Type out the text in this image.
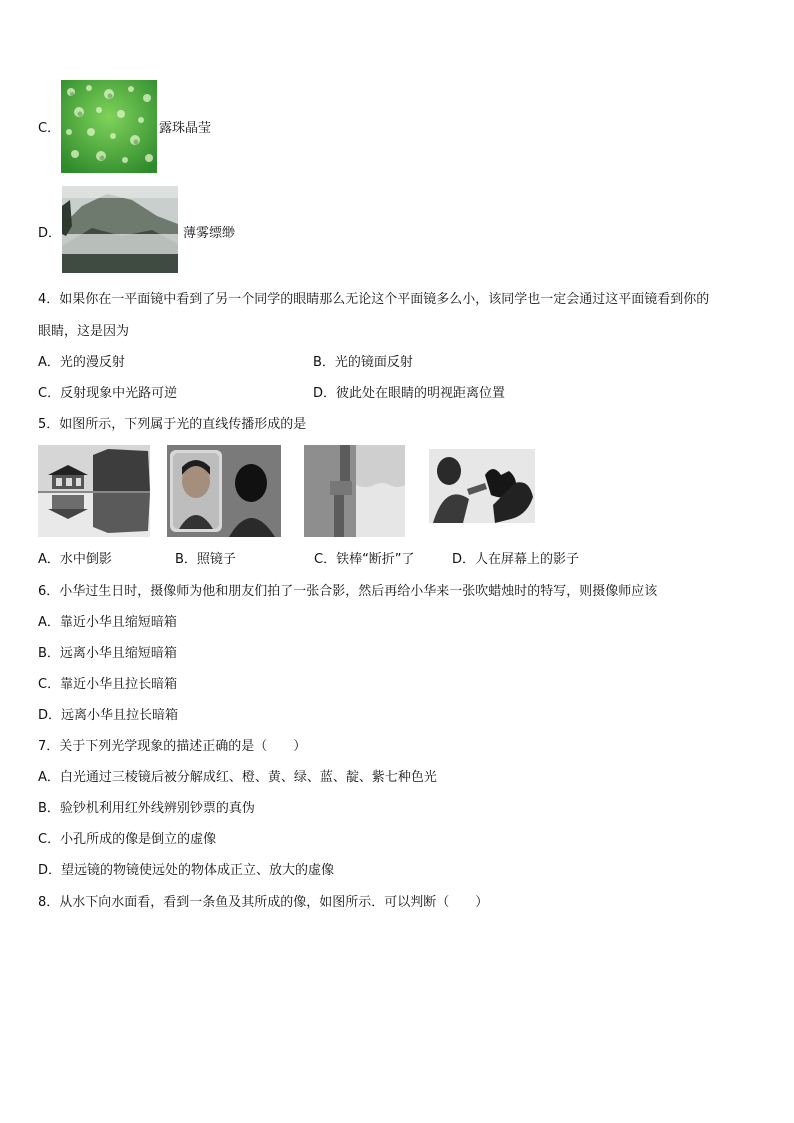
C．	露珠晶莹
D．	薄雾缥缈
4．如果你在一平面镜中看到了另一个同学的眼睛那么无论这个平面镜多么小，该同学也一定会通过这平面镜看到你的
眼睛，这是因为
A．光的漫反射	B．光的镜面反射
C．反射现象中光路可逆	D．彼此处在眼睛的明视距离位置
5．如图所示，下列属于光的直线传播形成的是
A．水中倒影	B．照镜子	C．铁棒“断折”了	D．人在屏幕上的影子
6．小华过生日时，摄像师为他和朋友们拍了一张合影，然后再给小华来一张吹蜡烛时的特写，则摄像师应该
A．靠近小华且缩短暗箱
B．远离小华且缩短暗箱
C．靠近小华且拉长暗箱
D．远离小华且拉长暗箱
7．关于下列光学现象的描述正确的是（　　）
A．白光通过三棱镜后被分解成红、橙、黄、绿、蓝、靛、紫七种色光
B．验钞机利用红外线辨别钞票的真伪
C．小孔所成的像是倒立的虚像
D．望远镜的物镜使远处的物体成正立、放大的虚像
8．从水下向水面看，看到一条鱼及其所成的像，如图所示．可以判断（　　）
